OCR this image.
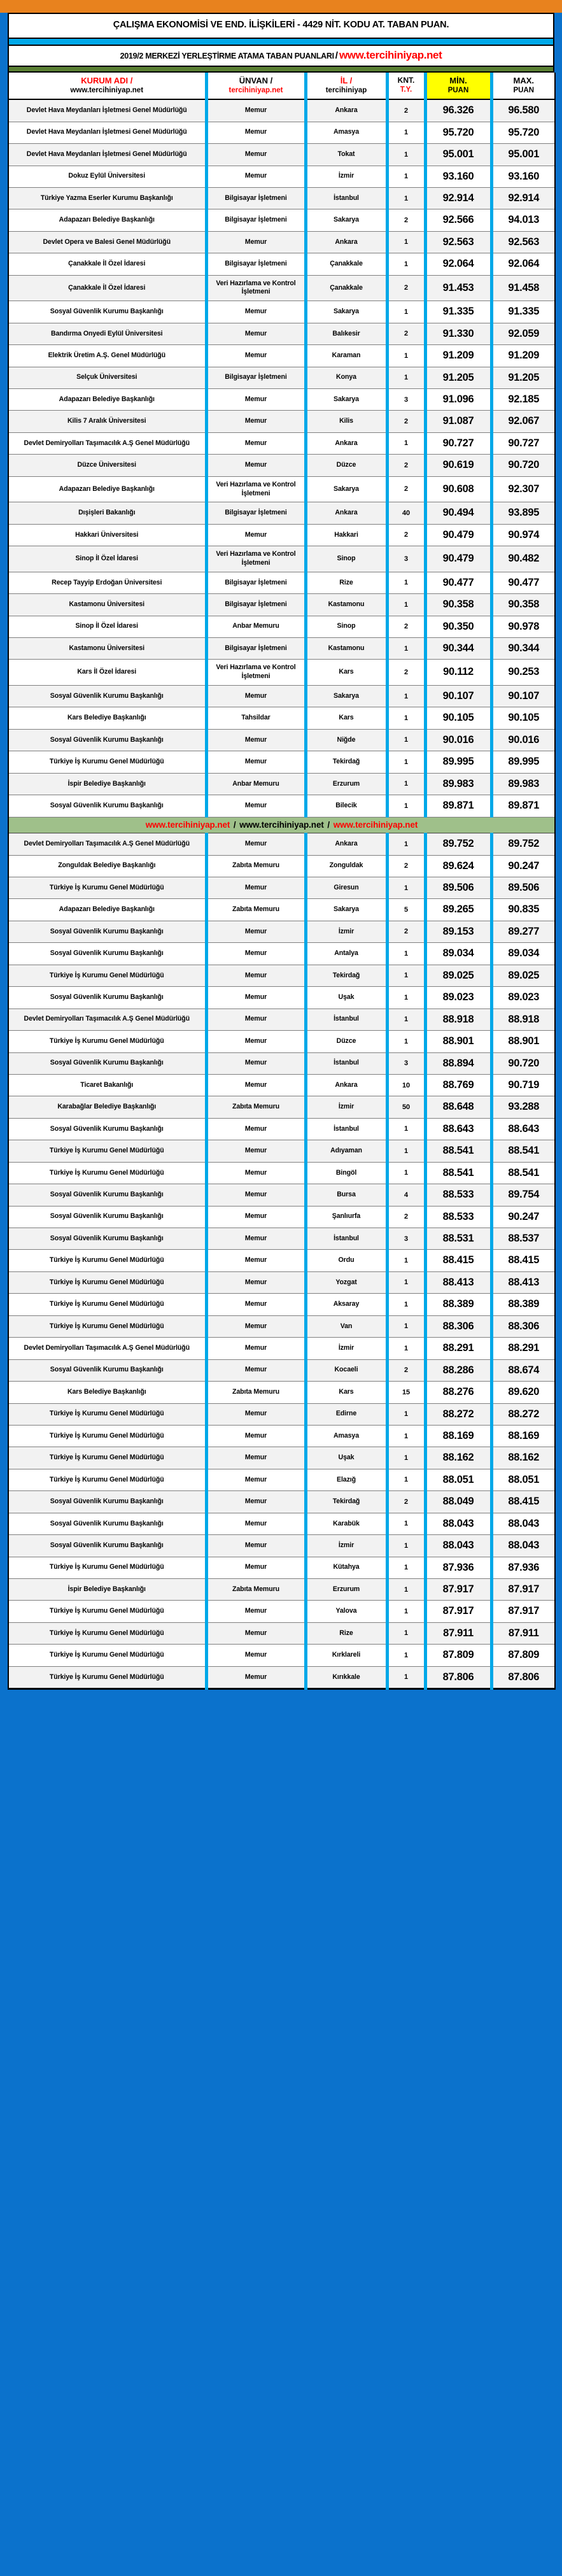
ÇALIŞMA EKONOMİSİ VE END. İLİŞKİLERİ - 4429 NİT. KODU AT. TABAN PUAN.
2019/2 MERKEZİ YERLEŞTİRME ATAMA TABAN PUANLARI / www.tercihiniyap.net
KURUM ADI /
www.tercihiniyap.net

ÜNVAN /
tercihiniyap.net

İL /
tercihiniyap

KNT.
T.Y.

MİN.
PUAN

MAX.
PUAN

Devlet Hava Meydanları İşletmesi Genel Müdürlüğü	Memur	Ankara	2	96.326	96.580
Devlet Hava Meydanları İşletmesi Genel Müdürlüğü	Memur	Amasya	1	95.720	95.720
Devlet Hava Meydanları İşletmesi Genel Müdürlüğü	Memur	Tokat	1	95.001	95.001
Dokuz Eylül Üniversitesi	Memur	İzmir	1	93.160	93.160
Türkiye Yazma Eserler Kurumu Başkanlığı	Bilgisayar İşletmeni	İstanbul	1	92.914	92.914
Adapazarı Belediye Başkanlığı	Bilgisayar İşletmeni	Sakarya	2	92.566	94.013
Devlet Opera ve Balesi Genel Müdürlüğü	Memur	Ankara	1	92.563	92.563
Çanakkale İl Özel İdaresi	Bilgisayar İşletmeni	Çanakkale	1	92.064	92.064
Çanakkale İl Özel İdaresi	Veri Hazırlama ve Kontrol İşletmeni	Çanakkale	2	91.453	91.458
Sosyal Güvenlik Kurumu Başkanlığı	Memur	Sakarya	1	91.335	91.335
Bandırma Onyedi Eylül Üniversitesi	Memur	Balıkesir	2	91.330	92.059
Elektrik Üretim A.Ş. Genel Müdürlüğü	Memur	Karaman	1	91.209	91.209
Selçuk Üniversitesi	Bilgisayar İşletmeni	Konya	1	91.205	91.205
Adapazarı Belediye Başkanlığı	Memur	Sakarya	3	91.096	92.185
Kilis 7 Aralık Üniversitesi	Memur	Kilis	2	91.087	92.067
Devlet Demiryolları Taşımacılık A.Ş Genel Müdürlüğü	Memur	Ankara	1	90.727	90.727
Düzce Üniversitesi	Memur	Düzce	2	90.619	90.720
Adapazarı Belediye Başkanlığı	Veri Hazırlama ve Kontrol İşletmeni	Sakarya	2	90.608	92.307
Dışişleri Bakanlığı	Bilgisayar İşletmeni	Ankara	40	90.494	93.895
Hakkari Üniversitesi	Memur	Hakkari	2	90.479	90.974
Sinop İl Özel İdaresi	Veri Hazırlama ve Kontrol İşletmeni	Sinop	3	90.479	90.482
Recep Tayyip Erdoğan Üniversitesi	Bilgisayar İşletmeni	Rize	1	90.477	90.477
Kastamonu Üniversitesi	Bilgisayar İşletmeni	Kastamonu	1	90.358	90.358
Sinop İl Özel İdaresi	Anbar Memuru	Sinop	2	90.350	90.978
Kastamonu Üniversitesi	Bilgisayar İşletmeni	Kastamonu	1	90.344	90.344
Kars İl Özel İdaresi	Veri Hazırlama ve Kontrol İşletmeni	Kars	2	90.112	90.253
Sosyal Güvenlik Kurumu Başkanlığı	Memur	Sakarya	1	90.107	90.107
Kars Belediye Başkanlığı	Tahsildar	Kars	1	90.105	90.105
Sosyal Güvenlik Kurumu Başkanlığı	Memur	Niğde	1	90.016	90.016
Türkiye İş Kurumu Genel Müdürlüğü	Memur	Tekirdağ	1	89.995	89.995
İspir Belediye Başkanlığı	Anbar Memuru	Erzurum	1	89.983	89.983
Sosyal Güvenlik Kurumu Başkanlığı	Memur	Bilecik	1	89.871	89.871
www.tercihiniyap.net / www.tercihiniyap.net / www.tercihiniyap.net					
Devlet Demiryolları Taşımacılık A.Ş Genel Müdürlüğü	Memur	Ankara	1	89.752	89.752
Zonguldak Belediye Başkanlığı	Zabıta Memuru	Zonguldak	2	89.624	90.247
Türkiye İş Kurumu Genel Müdürlüğü	Memur	Giresun	1	89.506	89.506
Adapazarı Belediye Başkanlığı	Zabıta Memuru	Sakarya	5	89.265	90.835
Sosyal Güvenlik Kurumu Başkanlığı	Memur	İzmir	2	89.153	89.277
Sosyal Güvenlik Kurumu Başkanlığı	Memur	Antalya	1	89.034	89.034
Türkiye İş Kurumu Genel Müdürlüğü	Memur	Tekirdağ	1	89.025	89.025
Sosyal Güvenlik Kurumu Başkanlığı	Memur	Uşak	1	89.023	89.023
Devlet Demiryolları Taşımacılık A.Ş Genel Müdürlüğü	Memur	İstanbul	1	88.918	88.918
Türkiye İş Kurumu Genel Müdürlüğü	Memur	Düzce	1	88.901	88.901
Sosyal Güvenlik Kurumu Başkanlığı	Memur	İstanbul	3	88.894	90.720
Ticaret Bakanlığı	Memur	Ankara	10	88.769	90.719
Karabağlar Belediye Başkanlığı	Zabıta Memuru	İzmir	50	88.648	93.288
Sosyal Güvenlik Kurumu Başkanlığı	Memur	İstanbul	1	88.643	88.643
Türkiye İş Kurumu Genel Müdürlüğü	Memur	Adıyaman	1	88.541	88.541
Türkiye İş Kurumu Genel Müdürlüğü	Memur	Bingöl	1	88.541	88.541
Sosyal Güvenlik Kurumu Başkanlığı	Memur	Bursa	4	88.533	89.754
Sosyal Güvenlik Kurumu Başkanlığı	Memur	Şanlıurfa	2	88.533	90.247
Sosyal Güvenlik Kurumu Başkanlığı	Memur	İstanbul	3	88.531	88.537
Türkiye İş Kurumu Genel Müdürlüğü	Memur	Ordu	1	88.415	88.415
Türkiye İş Kurumu Genel Müdürlüğü	Memur	Yozgat	1	88.413	88.413
Türkiye İş Kurumu Genel Müdürlüğü	Memur	Aksaray	1	88.389	88.389
Türkiye İş Kurumu Genel Müdürlüğü	Memur	Van	1	88.306	88.306
Devlet Demiryolları Taşımacılık A.Ş Genel Müdürlüğü	Memur	İzmir	1	88.291	88.291
Sosyal Güvenlik Kurumu Başkanlığı	Memur	Kocaeli	2	88.286	88.674
Kars Belediye Başkanlığı	Zabıta Memuru	Kars	15	88.276	89.620
Türkiye İş Kurumu Genel Müdürlüğü	Memur	Edirne	1	88.272	88.272
Türkiye İş Kurumu Genel Müdürlüğü	Memur	Amasya	1	88.169	88.169
Türkiye İş Kurumu Genel Müdürlüğü	Memur	Uşak	1	88.162	88.162
Türkiye İş Kurumu Genel Müdürlüğü	Memur	Elazığ	1	88.051	88.051
Sosyal Güvenlik Kurumu Başkanlığı	Memur	Tekirdağ	2	88.049	88.415
Sosyal Güvenlik Kurumu Başkanlığı	Memur	Karabük	1	88.043	88.043
Sosyal Güvenlik Kurumu Başkanlığı	Memur	İzmir	1	88.043	88.043
Türkiye İş Kurumu Genel Müdürlüğü	Memur	Kütahya	1	87.936	87.936
İspir Belediye Başkanlığı	Zabıta Memuru	Erzurum	1	87.917	87.917
Türkiye İş Kurumu Genel Müdürlüğü	Memur	Yalova	1	87.917	87.917
Türkiye İş Kurumu Genel Müdürlüğü	Memur	Rize	1	87.911	87.911
Türkiye İş Kurumu Genel Müdürlüğü	Memur	Kırklareli	1	87.809	87.809
Türkiye İş Kurumu Genel Müdürlüğü	Memur	Kırıkkale	1	87.806	87.806
